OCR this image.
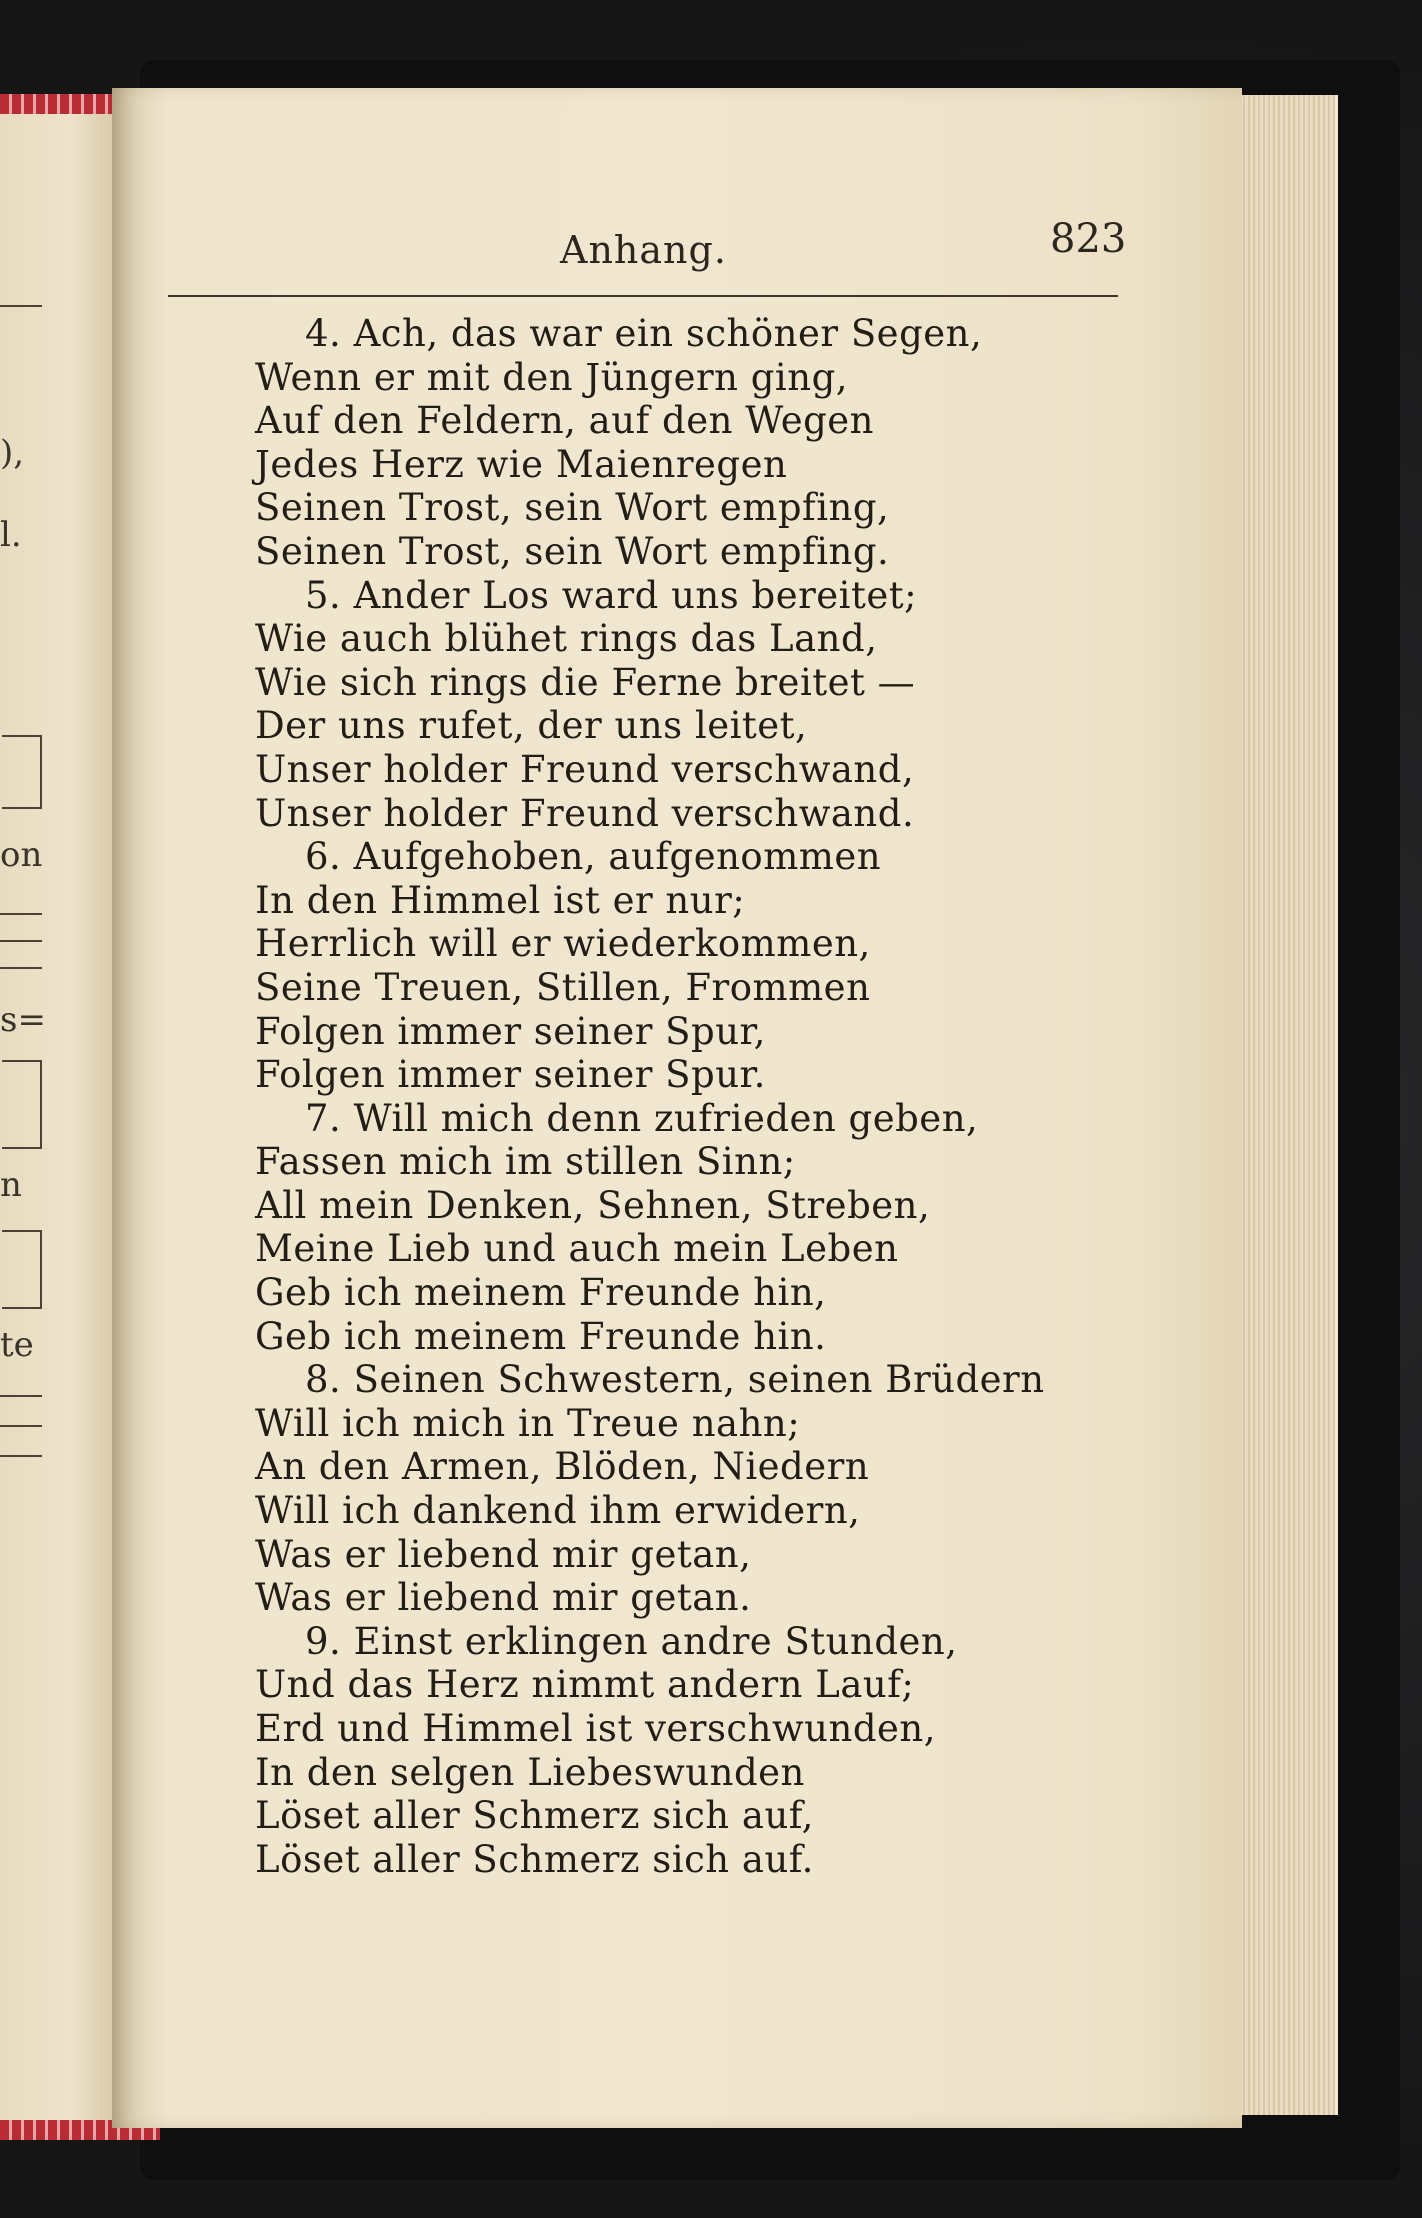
),
l.
on
s=
n
te
Anhang.	823
4. Ach, das war ein schöner Segen,
Wenn er mit den Jüngern ging,
Auf den Feldern, auf den Wegen
Jedes Herz wie Maienregen
Seinen Trost, sein Wort empfing,
Seinen Trost, sein Wort empfing.
5. Ander Los ward uns bereitet;
Wie auch blühet rings das Land,
Wie sich rings die Ferne breitet —
Der uns rufet, der uns leitet,
Unser holder Freund verschwand,
Unser holder Freund verschwand.
6. Aufgehoben, aufgenommen
In den Himmel ist er nur;
Herrlich will er wiederkommen,
Seine Treuen, Stillen, Frommen
Folgen immer seiner Spur,
Folgen immer seiner Spur.
7. Will mich denn zufrieden geben,
Fassen mich im stillen Sinn;
All mein Denken, Sehnen, Streben,
Meine Lieb und auch mein Leben
Geb ich meinem Freunde hin,
Geb ich meinem Freunde hin.
8. Seinen Schwestern, seinen Brüdern
Will ich mich in Treue nahn;
An den Armen, Blöden, Niedern
Will ich dankend ihm erwidern,
Was er liebend mir getan,
Was er liebend mir getan.
9. Einst erklingen andre Stunden,
Und das Herz nimmt andern Lauf;
Erd und Himmel ist verschwunden,
In den selgen Liebeswunden
Löset aller Schmerz sich auf,
Löset aller Schmerz sich auf.
